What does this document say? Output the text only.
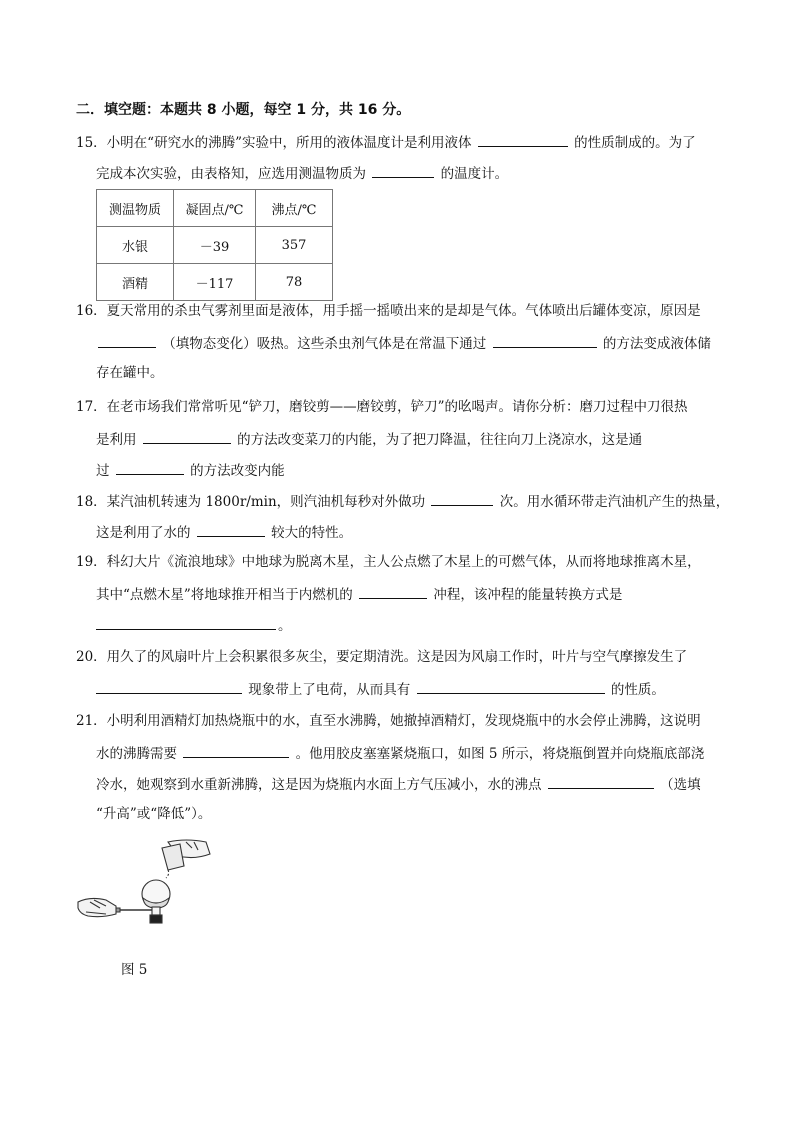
二．填空题：本题共 8 小题，每空 1 分，共 16 分。
15．小明在“研究水的沸腾”实验中，所用的液体温度计是利用液体	的性质制成的。为了
完成本次实验，由表格知，应选用测温物质为	的温度计。
测温物质	凝固点/℃	沸点/℃
水银	－39	357
酒精	－117	78
16．夏天常用的杀虫气雾剂里面是液体，用手摇一摇喷出来的是却是气体。气体喷出后罐体变凉，原因是
（填物态变化）吸热。这些杀虫剂气体是在常温下通过	的方法变成液体储
存在罐中。
17．在老市场我们常常听见“铲刀，磨铰剪——磨铰剪，铲刀”的吆喝声。请你分析：磨刀过程中刀很热
是利用	的方法改变菜刀的内能，为了把刀降温，往往向刀上浇凉水，这是通
过	的方法改变内能
18．某汽油机转速为 1800r/min，则汽油机每秒对外做功	次。用水循环带走汽油机产生的热量，
这是利用了水的	较大的特性。
19．科幻大片《流浪地球》中地球为脱离木星，主人公点燃了木星上的可燃气体，从而将地球推离木星，
其中“点燃木星”将地球推开相当于内燃机的	冲程，该冲程的能量转换方式是
。
20．用久了的风扇叶片上会积累很多灰尘，要定期清洗。这是因为风扇工作时，叶片与空气摩擦发生了
现象带上了电荷，从而具有	的性质。
21．小明利用酒精灯加热烧瓶中的水，直至水沸腾，她撤掉酒精灯，发现烧瓶中的水会停止沸腾，这说明
水的沸腾需要	。他用胶皮塞塞紧烧瓶口，如图 5 所示，将烧瓶倒置并向烧瓶底部浇
冷水，她观察到水重新沸腾，这是因为烧瓶内水面上方气压减小，水的沸点	（选填
“升高”或“降低”）。
图 5
